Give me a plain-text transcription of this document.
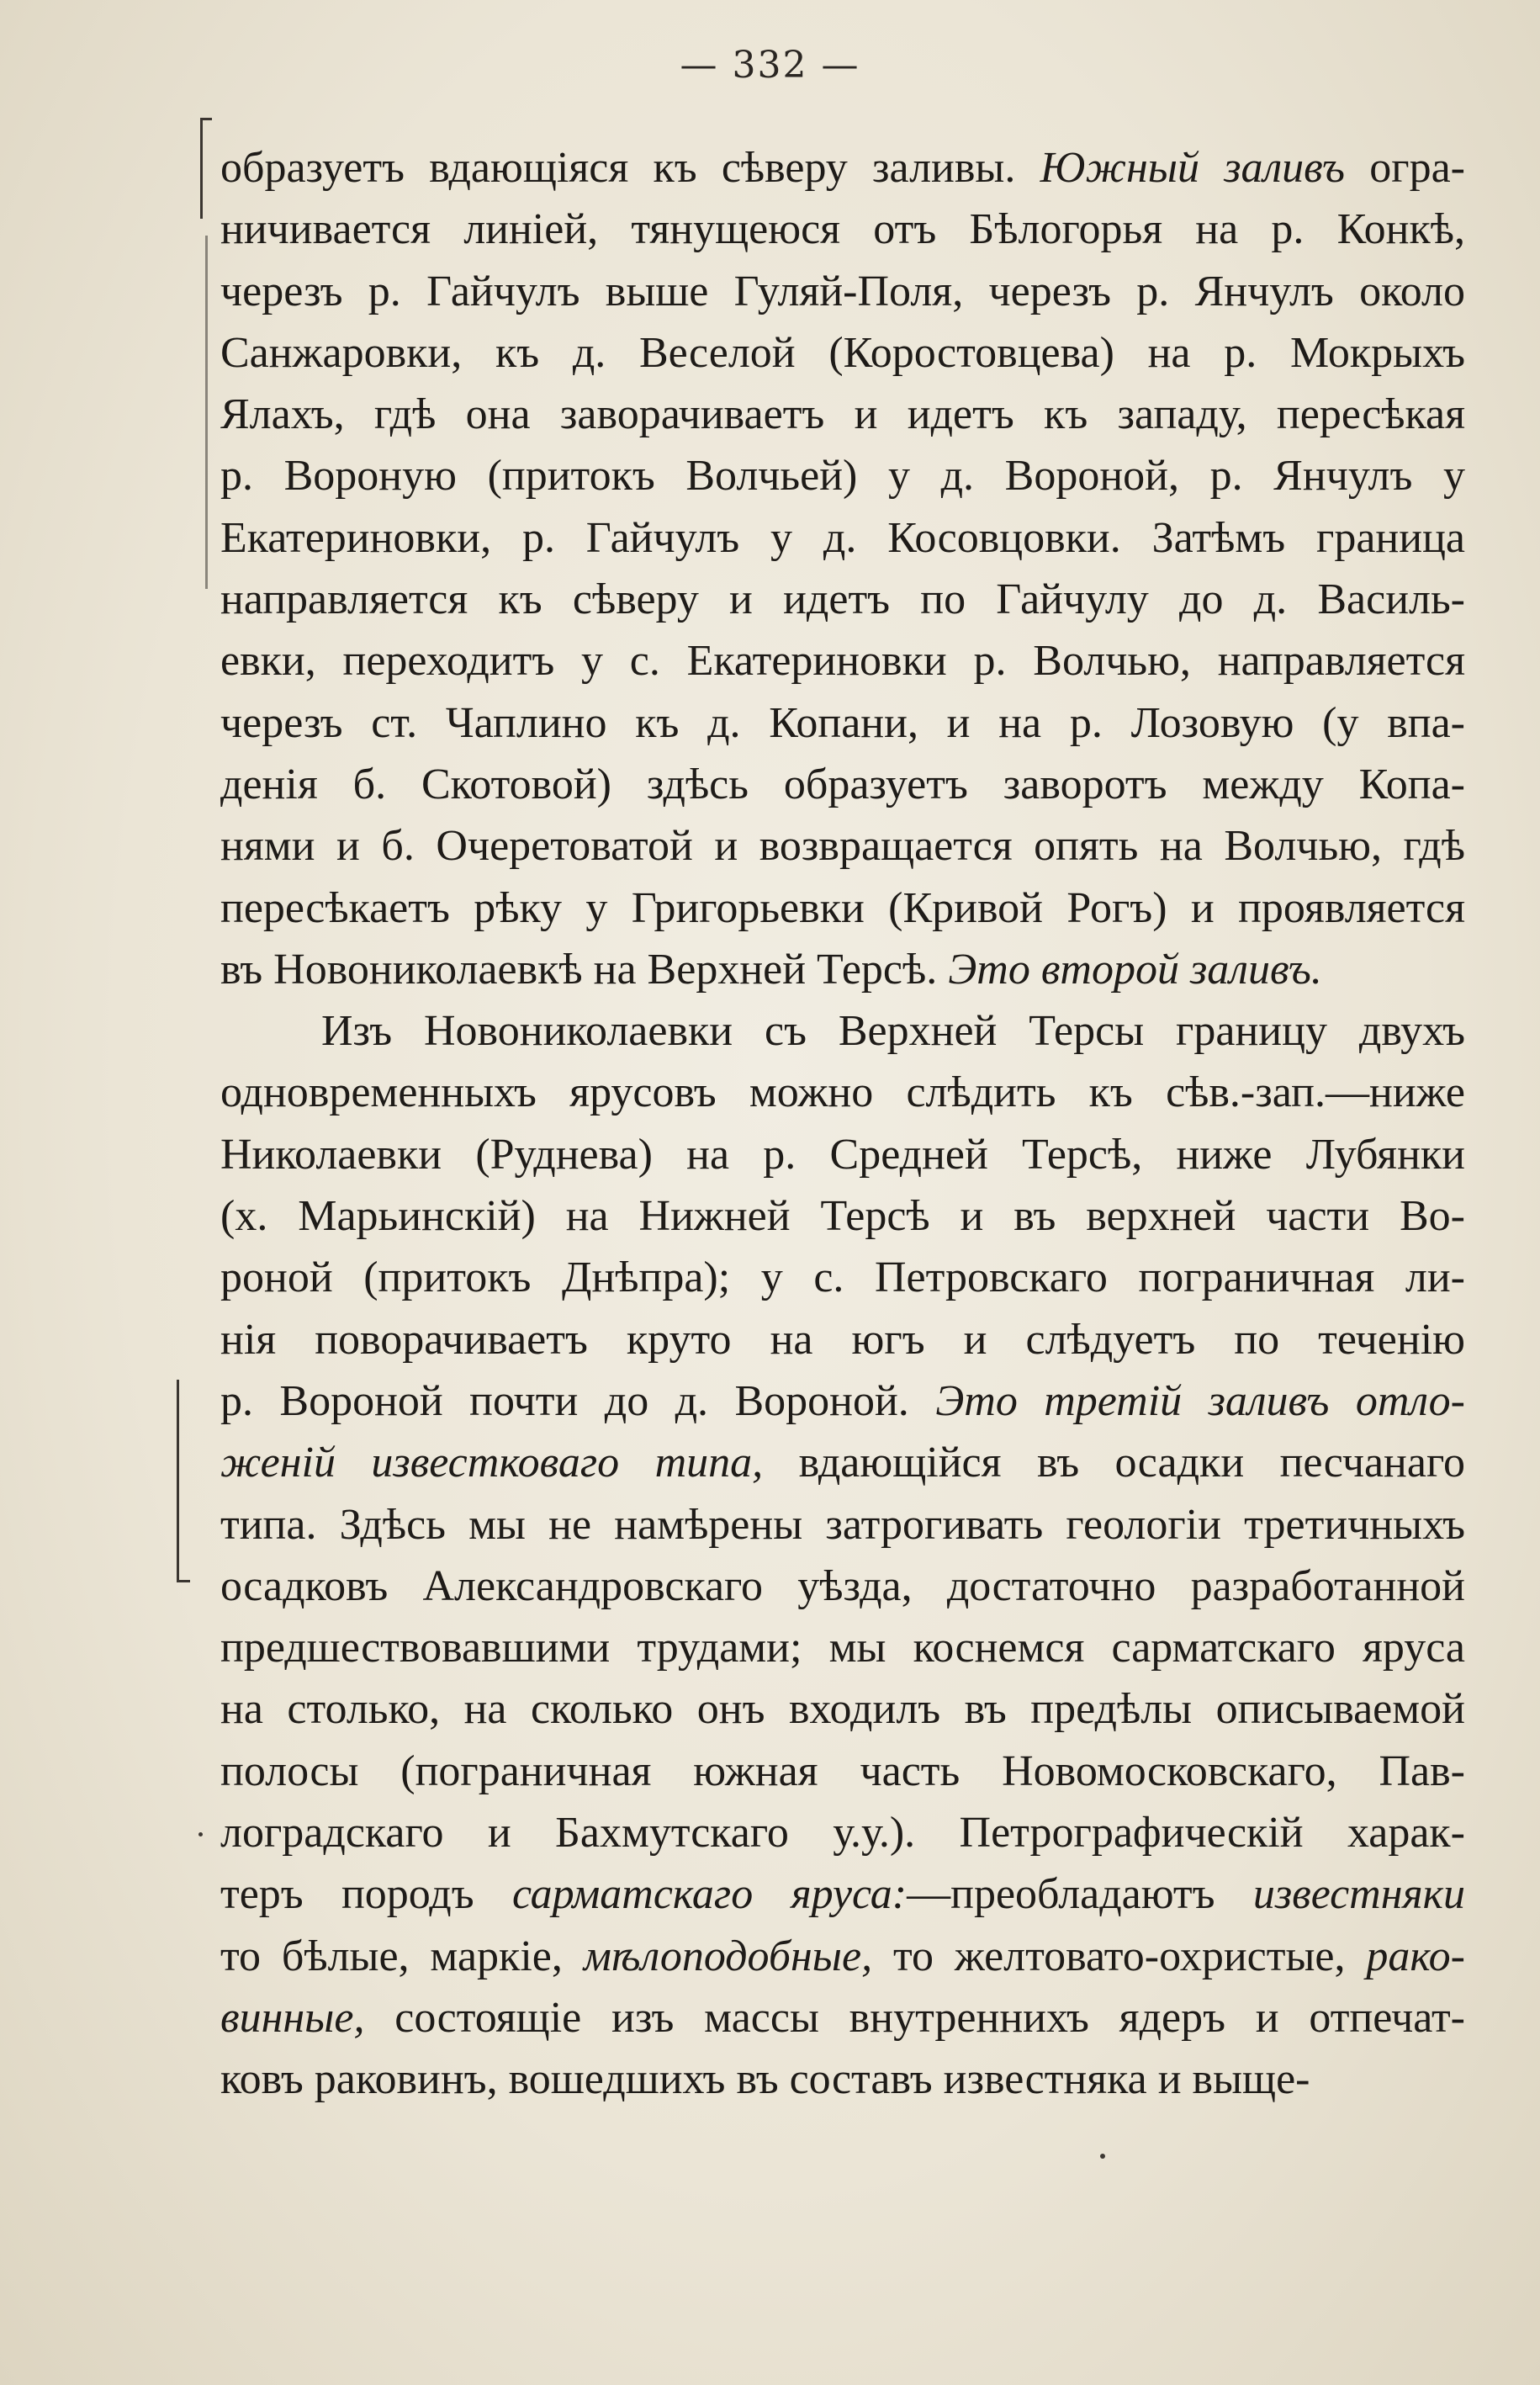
— 332 —
образуетъ вдающіяся къ сѣверу заливы. Южный заливъ огра-
ничивается линіей, тянущеюся отъ Бѣлогорья на р. Конкѣ,
черезъ р. Гайчулъ выше Гуляй-Поля, черезъ р. Янчулъ около
Санжаровки, къ д. Веселой (Коростовцева) на р. Мокрыхъ
Ялахъ, гдѣ она заворачиваетъ и идетъ къ западу, пересѣкая
р. Вороную (притокъ Волчьей) у д. Вороной, р. Янчулъ у
Екатериновки, р. Гайчулъ у д. Косовцовки. Затѣмъ граница
направляется къ сѣверу и идетъ по Гайчулу до д. Василь-
евки, переходитъ у с. Екатериновки р. Волчью, направляется
черезъ ст. Чаплино къ д. Копани, и на р. Лозовую (у впа-
денія б. Скотовой) здѣсь образуетъ заворотъ между Копа-
нями и б. Очеретоватой и возвращается опять на Волчью, гдѣ
пересѣкаетъ рѣку у Григорьевки (Кривой Рогъ) и проявляется
въ Новониколаевкѣ на Верхней Терсѣ. Это второй заливъ.
Изъ Новониколаевки съ Верхней Терсы границу двухъ
одновременныхъ ярусовъ можно слѣдить къ сѣв.-зап.—ниже
Николаевки (Руднева) на р. Средней Терсѣ, ниже Лубянки
(х. Марьинскій) на Нижней Терсѣ и въ верхней части Во-
роной (притокъ Днѣпра); у с. Петровскаго пограничная ли-
нія поворачиваетъ круто на югъ и слѣдуетъ по теченію
р. Вороной почти до д. Вороной. Это третій заливъ отло-
женій известковаго типа, вдающійся въ осадки песчанаго
типа. Здѣсь мы не намѣрены затрогивать геологіи третичныхъ
осадковъ Александровскаго уѣзда, достаточно разработанной
предшествовавшими трудами; мы коснемся сарматскаго яруса
на столько, на сколько онъ входилъ въ предѣлы описываемой
полосы (пограничная южная часть Новомосковскаго, Пав-
лоградскаго и Бахмутскаго у.у.). Петрографическій харак-
теръ породъ сарматскаго яруса:—преобладаютъ известняки
то бѣлые, маркіе, мѣлоподобные, то желтовато-охристые, рако-
винные, состоящіе изъ массы внутреннихъ ядеръ и отпечат-
ковъ раковинъ, вошедшихъ въ составъ известняка и выще-
